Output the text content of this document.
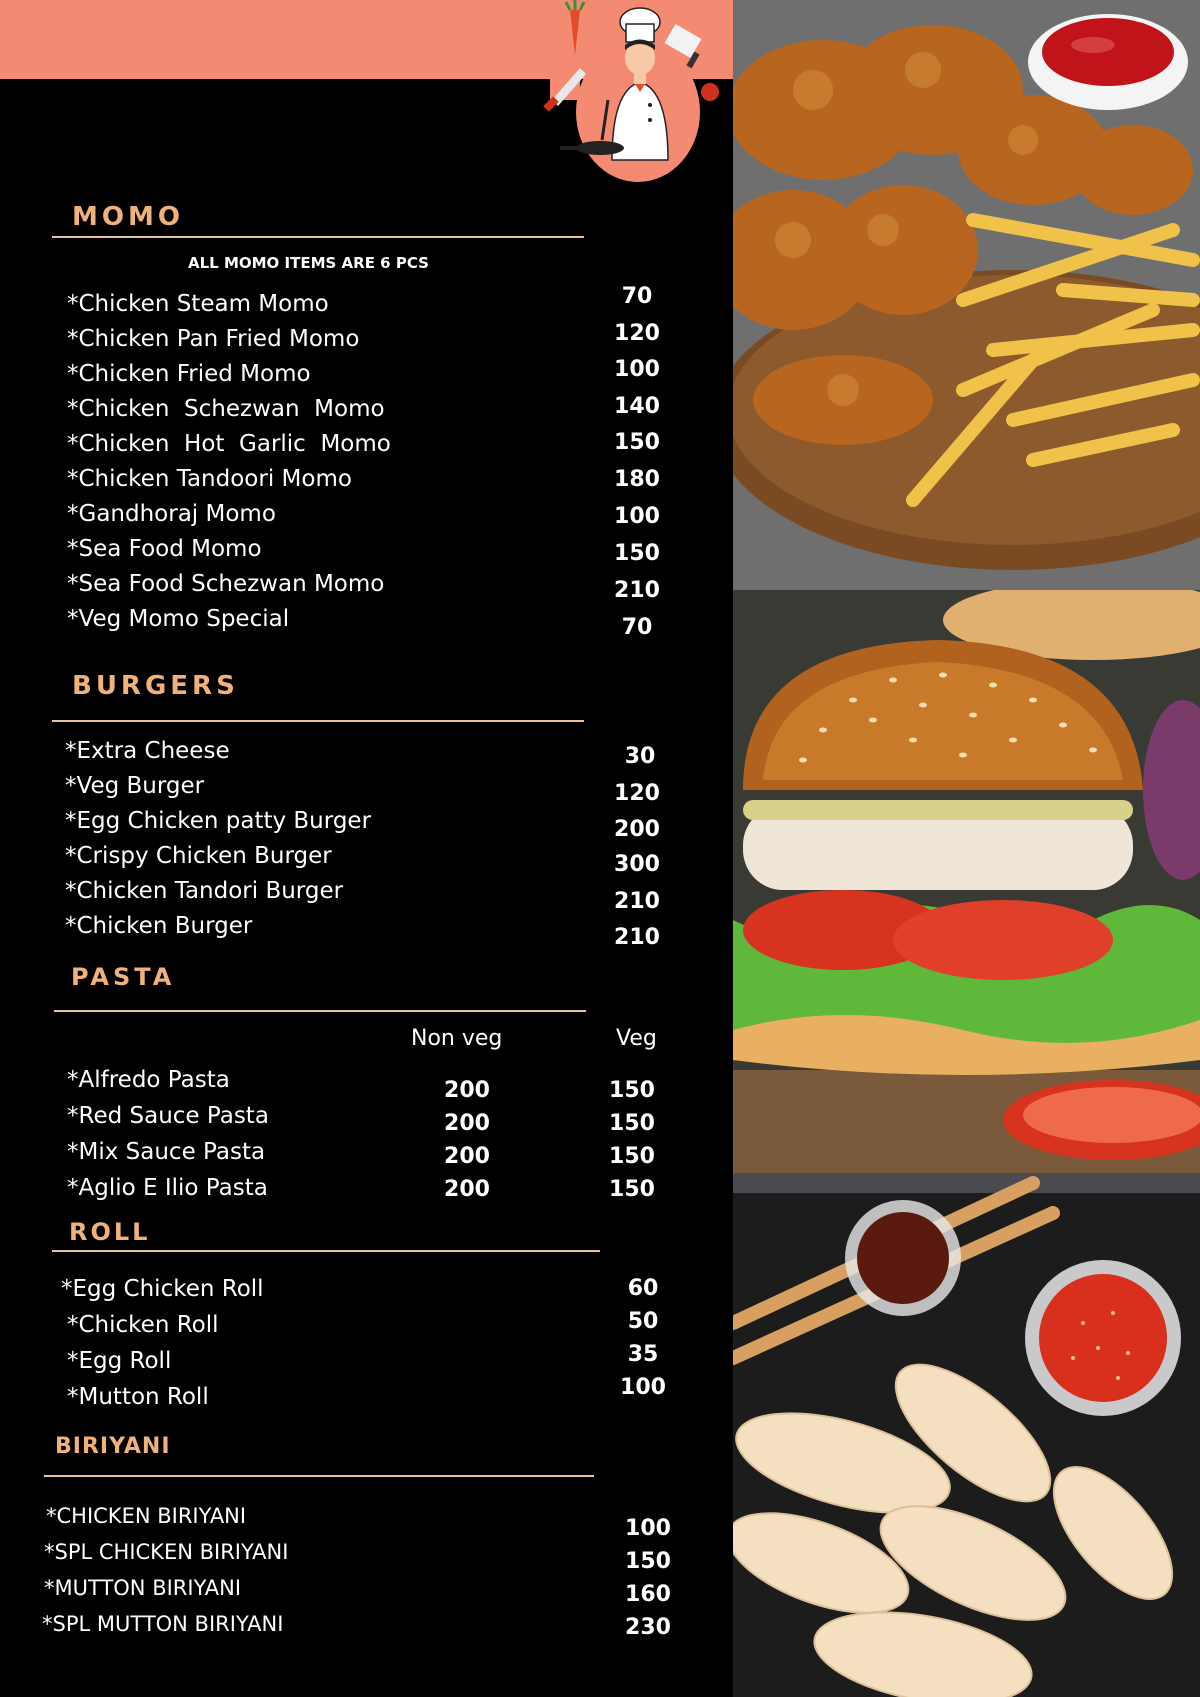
MOMO
ALL MOMO ITEMS ARE 6 PCS
*Chicken Steam Momo	70
*Chicken Pan Fried Momo	120
*Chicken Fried Momo	100
*Chicken  Schezwan  Momo	140
*Chicken  Hot  Garlic  Momo	150
*Chicken Tandoori Momo	180
*Gandhoraj Momo	100
*Sea Food Momo	150
*Sea Food Schezwan Momo	210
*Veg Momo Special	70
BURGERS
*Extra Cheese	30
*Veg Burger	120
*Egg Chicken patty Burger	200
*Crispy Chicken Burger	300
*Chicken Tandori Burger	210
*Chicken Burger	210
PASTA
Non veg	Veg
*Alfredo Pasta	200	150
*Red Sauce Pasta	200	150
*Mix Sauce Pasta	200	150
*Aglio E Ilio Pasta	200	150
ROLL
*Egg Chicken Roll	60
*Chicken Roll	50
*Egg Roll	35
*Mutton Roll	100
BIRIYANI
*CHICKEN BIRIYANI	100
*SPL CHICKEN BIRIYANI	150
*MUTTON BIRIYANI	160
*SPL MUTTON BIRIYANI	230
